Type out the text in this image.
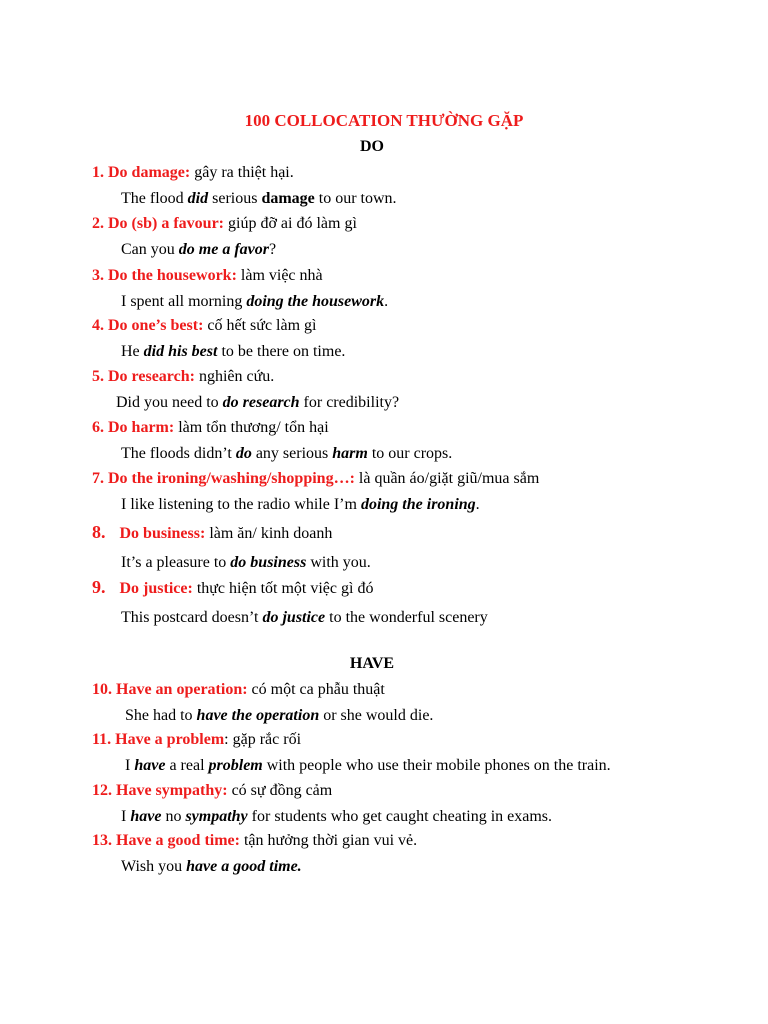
100 COLLOCATION THƯỜNG GẶP
DO
1. Do damage: gây ra thiệt hại.
The flood did serious damage to our town.
2. Do (sb) a favour: giúp đỡ ai đó làm gì
Can you do me a favor?
3. Do the housework: làm việc nhà
I spent all morning doing the housework.
4. Do one’s best: cố hết sức làm gì
He did his best to be there on time.
5. Do research: nghiên cứu.
Did you need to do research for credibility?
6. Do harm: làm tổn thương/ tổn hại
The floods didn’t do any serious harm to our crops.
7. Do the ironing/washing/shopping…: là quần áo/giặt giũ/mua sắm
I like listening to the radio while I’m doing the ironing.
8. Do business: làm ăn/ kinh doanh
It’s a pleasure to do business with you.
9. Do justice: thực hiện tốt một việc gì đó
This postcard doesn’t do justice to the wonderful scenery
HAVE
10. Have an operation: có một ca phẫu thuật
She had to have the operation or she would die.
11. Have a problem: gặp rắc rối
I have a real problem with people who use their mobile phones on the train.
12. Have sympathy: có sự đồng cảm
I have no sympathy for students who get caught cheating in exams.
13. Have a good time: tận hưởng thời gian vui vẻ.
Wish you have a good time.
